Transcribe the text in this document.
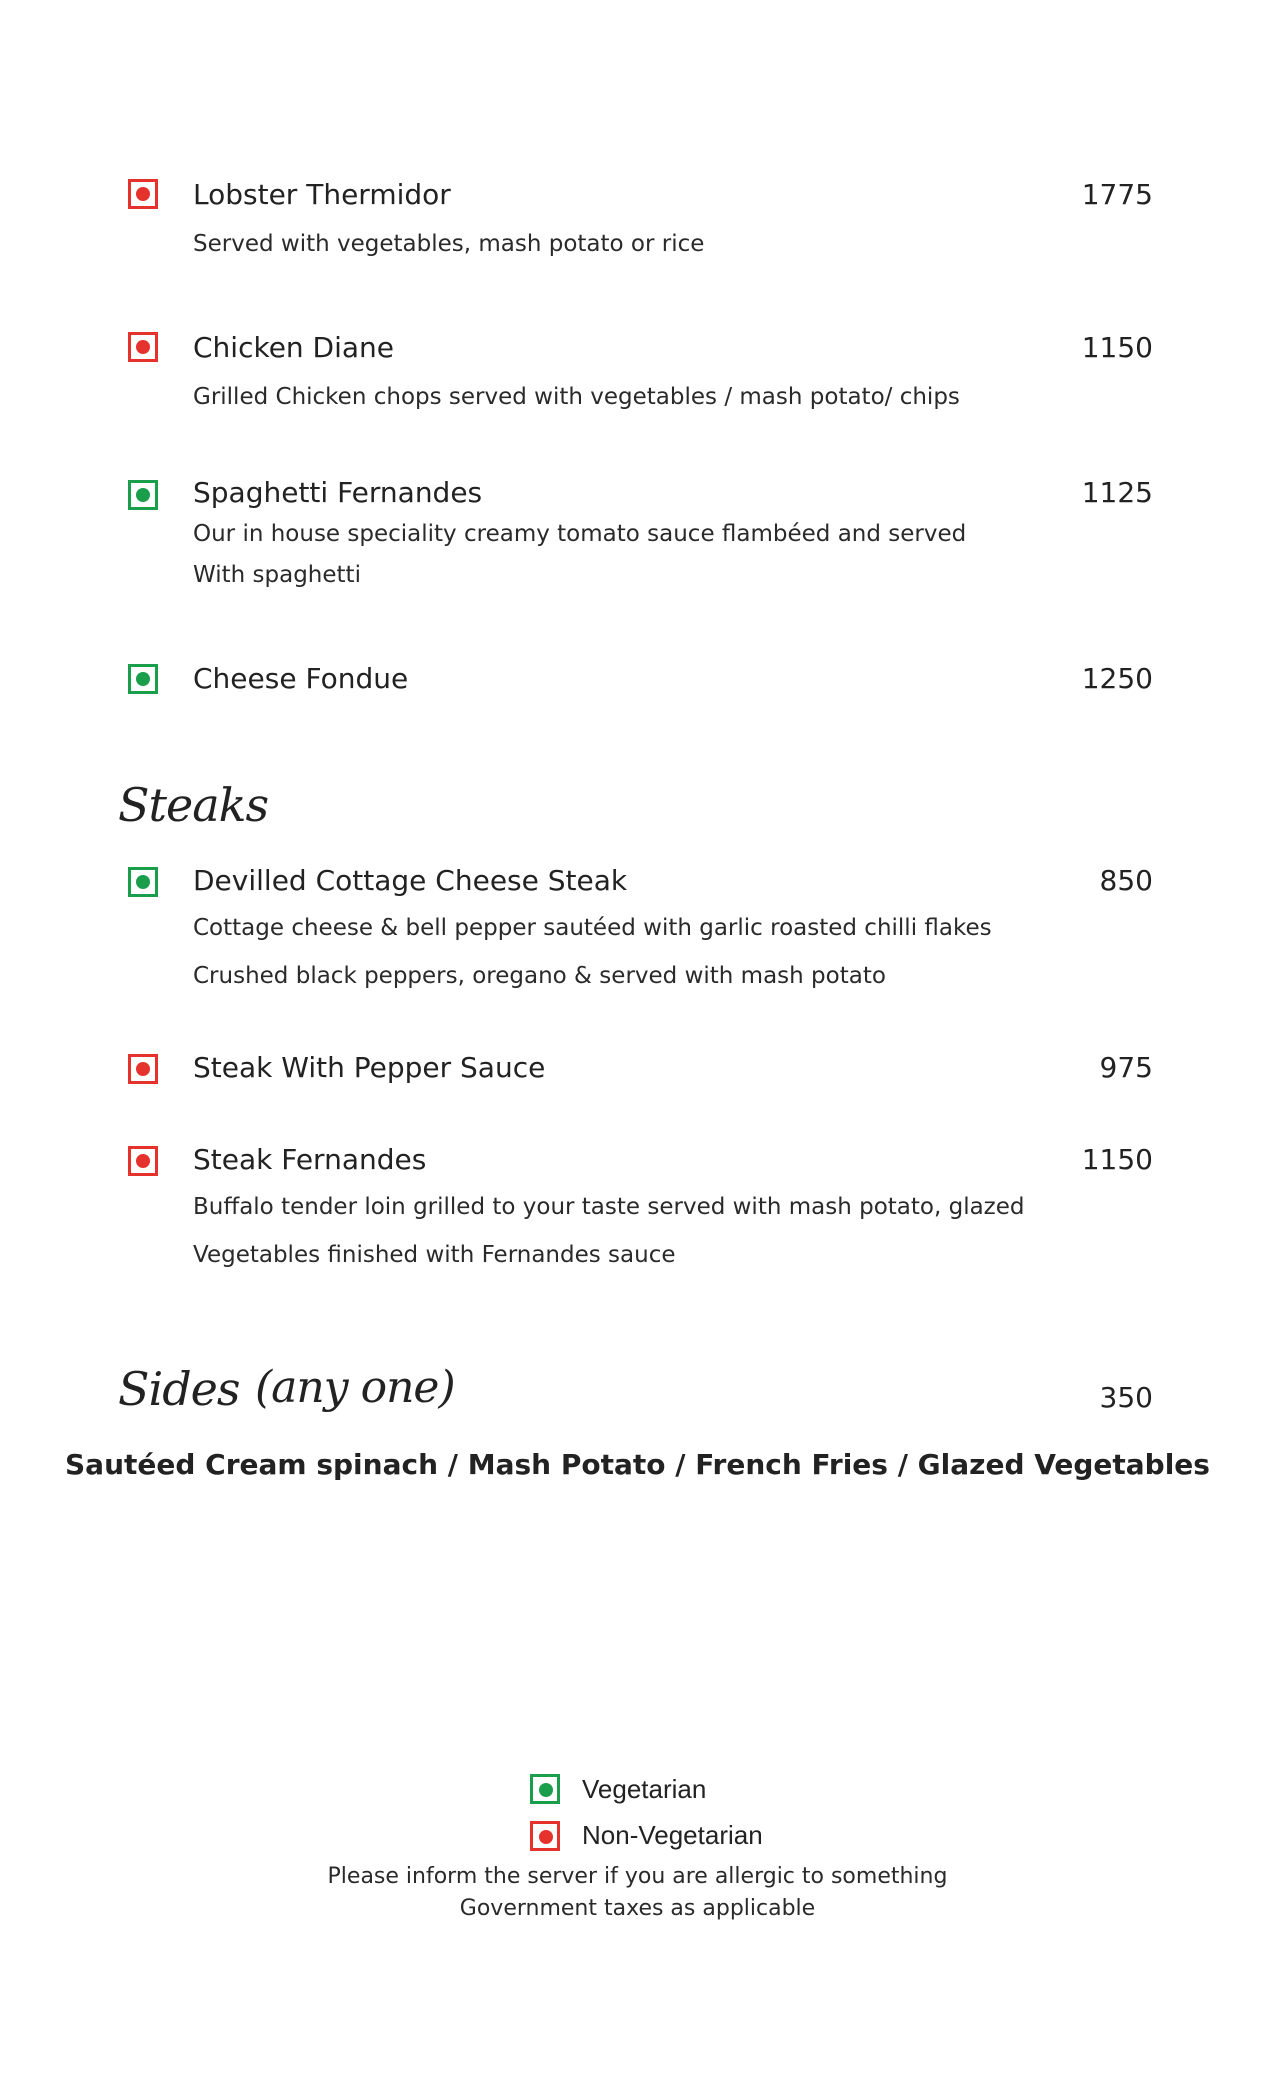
Lobster Thermidor	1775
Served with vegetables, mash potato or rice
Chicken Diane	1150
Grilled Chicken chops served with vegetables / mash potato/ chips
Spaghetti Fernandes	1125
Our in house speciality creamy tomato sauce flambéed and served
With spaghetti
Cheese Fondue	1250
Steaks
Devilled Cottage Cheese Steak	850
Cottage cheese & bell pepper sautéed with garlic roasted chilli flakes
Crushed black peppers, oregano & served with mash potato
Steak With Pepper Sauce	975
Steak Fernandes	1150
Buffalo tender loin grilled to your taste served with mash potato, glazed
Vegetables finished with Fernandes sauce
Sides (any one)	350
Sautéed Cream spinach / Mash Potato / French Fries / Glazed Vegetables
Vegetarian
Non-Vegetarian
Please inform the server if you are allergic to something
Government taxes as applicable
